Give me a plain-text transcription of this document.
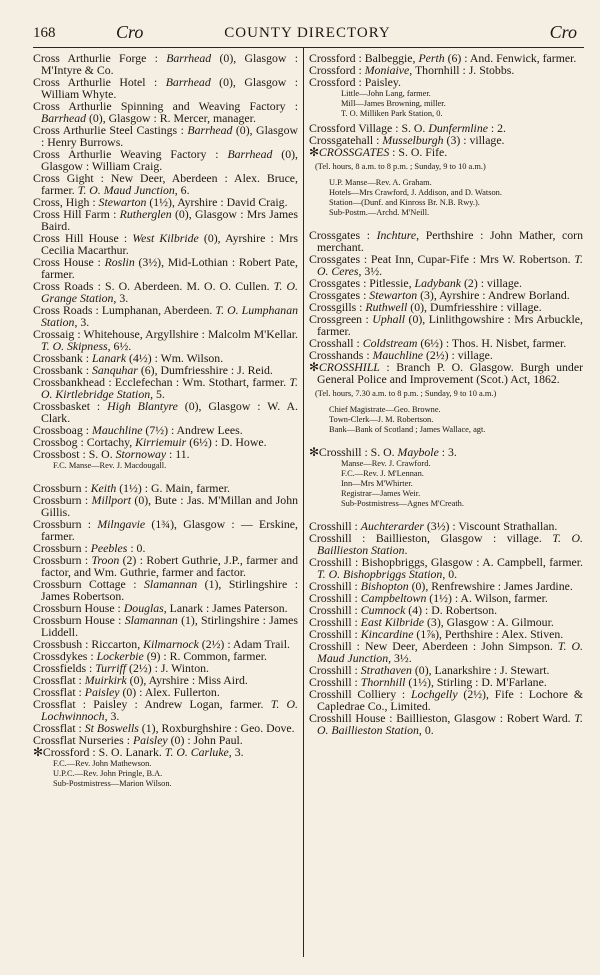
168	Cro	COUNTY DIRECTORY	Cro

Cross Arthurlie Forge : Barrhead (0), Glasgow : M'Intyre & Co.

Cross Arthurlie Hotel : Barrhead (0), Glasgow : William Whyte.

Cross Arthurlie Spinning and Weaving Factory : Barrhead (0), Glasgow : R. Mercer, manager.

Cross Arthurlie Steel Castings : Barrhead (0), Glasgow : Henry Burrows.

Cross Arthurlie Weaving Factory : Barrhead (0), Glasgow : William Craig.

Cross Gight : New Deer, Aberdeen : Alex. Bruce, farmer. T. O. Maud Junction, 6.

Cross, High : Stewarton (1½), Ayrshire : David Craig.

Cross Hill Farm : Rutherglen (0), Glasgow : Mrs James Baird.

Cross Hill House : West Kilbride (0), Ayrshire : Mrs Cecilia Macarthur.

Cross House : Roslin (3½), Mid-Lothian : Robert Pate, farmer.

Cross Roads : S. O. Aberdeen. M. O. O. Cullen. T. O. Grange Station, 3.

Cross Roads : Lumphanan, Aberdeen. T. O. Lumphanan Station, 3.

Crossaig : Whitehouse, Argyllshire : Malcolm M'Kellar. T. O. Skipness, 6½.

Crossbank : Lanark (4½) : Wm. Wilson.

Crossbank : Sanquhar (6), Dumfriesshire : J. Reid.

Crossbankhead : Ecclefechan : Wm. Stothart, farmer. T. O. Kirtlebridge Station, 5.

Crossbasket : High Blantyre (0), Glasgow : W. A. Clark.

Crossboag : Mauchline (7½) : Andrew Lees.

Crossbog : Cortachy, Kirriemuir (6½) : D. Howe.

Crossbost : S. O. Stornoway : 11.

F.C. Manse—Rev. J. Macdougall.

Crossburn : Keith (1½) : G. Main, farmer.

Crossburn : Millport (0), Bute : Jas. M'Millan and John Gillis.

Crossburn : Milngavie (1¾), Glasgow : — Erskine, farmer.

Crossburn : Peebles : 0.

Crossburn : Troon (2) : Robert Guthrie, J.P., farmer and factor, and Wm. Guthrie, farmer and factor.

Crossburn Cottage : Slamannan (1), Stirlingshire : James Robertson.

Crossburn House : Douglas, Lanark : James Paterson.

Crossburn House : Slamannan (1), Stirlingshire : James Liddell.

Crossbush : Riccarton, Kilmarnock (2½) : Adam Trail.

Crossdykes : Lockerbie (9) : R. Common, farmer.

Crossfields : Turriff (2½) : J. Winton.

Crossflat : Muirkirk (0), Ayrshire : Miss Aird.

Crossflat : Paisley (0) : Alex. Fullerton.

Crossflat : Paisley : Andrew Logan, farmer. T. O. Lochwinnoch, 3.

Crossflat : St Boswells (1), Roxburghshire : Geo. Dove.

Crossflat Nurseries : Paisley (0) : John Paul.

✻Crossford : S. O. Lanark. T. O. Carluke, 3.

F.C.—Rev. John Mathewson.
U.P.C.—Rev. John Pringle, B.A.
Sub-Postmistress—Marion Wilson.

Crossford : Balbeggie, Perth (6) : And. Fenwick, farmer.

Crossford : Moniaive, Thornhill : J. Stobbs.

Crossford : Paisley.

Little—John Lang, farmer.
Mill—James Browning, miller.
T. O. Milliken Park Station, 0.

Crossford Village : S. O. Dunfermline : 2.

Crossgatehall : Musselburgh (3) : village.

✻CROSSGATES : S. O. Fife.

(Tel. hours, 8 a.m. to 8 p.m. ; Sunday, 9 to 10 a.m.)
U.P. Manse—Rev. A. Graham.
Hotels—Mrs Crawford, J. Addison, and D. Watson.
Station—(Dunf. and Kinross Br. N.B. Rwy.).
Sub-Postm.—Archd. M'Neill.

Crossgates : Inchture, Perthshire : John Mather, corn merchant.

Crossgates : Peat Inn, Cupar-Fife : Mrs W. Robertson. T. O. Ceres, 3½.

Crossgates : Pitlessie, Ladybank (2) : village.

Crossgates : Stewarton (3), Ayrshire : Andrew Borland.

Crossgills : Ruthwell (0), Dumfriesshire : village.

Crossgreen : Uphall (0), Linlithgowshire : Mrs Arbuckle, farmer.

Crosshall : Coldstream (6½) : Thos. H. Nisbet, farmer.

Crosshands : Mauchline (2½) : village.

✻CROSSHILL : Branch P. O. Glasgow. Burgh under General Police and Improvement (Scot.) Act, 1862.

(Tel. hours, 7.30 a.m. to 8 p.m. ; Sunday, 9 to 10 a.m.)
Chief Magistrate—Geo. Browne.
Town-Clerk—J. M. Robertson.
Bank—Bank of Scotland ; James Wallace, agt.

✻Crosshill : S. O. Maybole : 3.

Manse—Rev. J. Crawford.
F.C.—Rev. J. M'Lennan.
Inn—Mrs M'Whirter.
Registrar—James Weir.
Sub-Postmistress—Agnes M'Creath.

Crosshill : Auchterarder (3½) : Viscount Strathallan.

Crosshill : Baillieston, Glasgow : village. T. O. Baillieston Station.

Crosshill : Bishopbriggs, Glasgow : A. Campbell, farmer. T. O. Bishopbriggs Station, 0.

Crosshill : Bishopton (0), Renfrewshire : James Jardine.

Crosshill : Campbeltown (1½) : A. Wilson, farmer.

Crosshill : Cumnock (4) : D. Robertson.

Crosshill : East Kilbride (3), Glasgow : A. Gilmour.

Crosshill : Kincardine (1⅞), Perthshire : Alex. Stiven.

Crosshill : New Deer, Aberdeen : John Simpson. T. O. Maud Junction, 3½.

Crosshill : Strathaven (0), Lanarkshire : J. Stewart.

Crosshill : Thornhill (1½), Stirling : D. M'Farlane.

Crosshill Colliery : Lochgelly (2½), Fife : Lochore & Capledrae Co., Limited.

Crosshill House : Baillieston, Glasgow : Robert Ward. T. O. Baillieston Station, 0.
